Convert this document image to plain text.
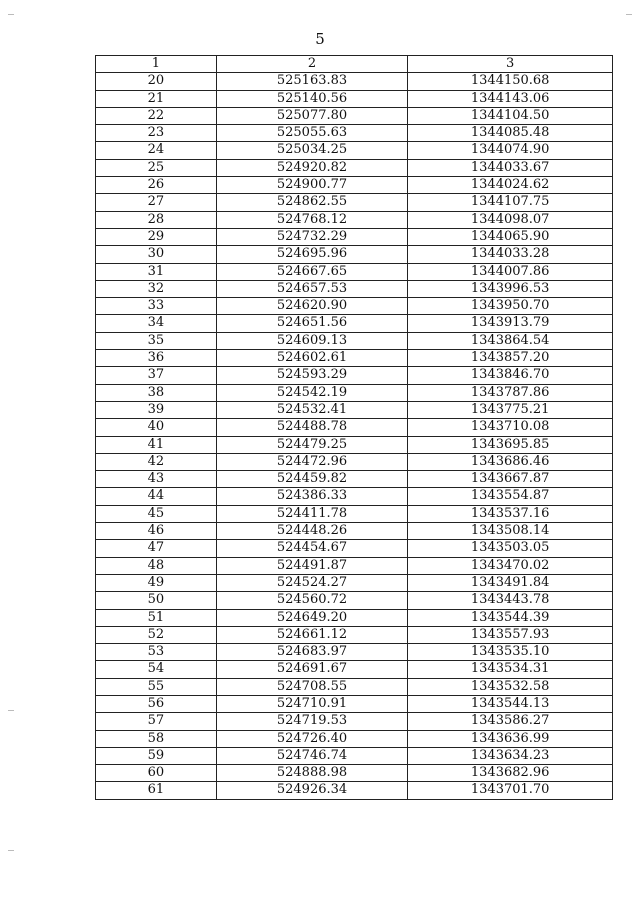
5
1	2	3
20	525163.83	1344150.68
21	525140.56	1344143.06
22	525077.80	1344104.50
23	525055.63	1344085.48
24	525034.25	1344074.90
25	524920.82	1344033.67
26	524900.77	1344024.62
27	524862.55	1344107.75
28	524768.12	1344098.07
29	524732.29	1344065.90
30	524695.96	1344033.28
31	524667.65	1344007.86
32	524657.53	1343996.53
33	524620.90	1343950.70
34	524651.56	1343913.79
35	524609.13	1343864.54
36	524602.61	1343857.20
37	524593.29	1343846.70
38	524542.19	1343787.86
39	524532.41	1343775.21
40	524488.78	1343710.08
41	524479.25	1343695.85
42	524472.96	1343686.46
43	524459.82	1343667.87
44	524386.33	1343554.87
45	524411.78	1343537.16
46	524448.26	1343508.14
47	524454.67	1343503.05
48	524491.87	1343470.02
49	524524.27	1343491.84
50	524560.72	1343443.78
51	524649.20	1343544.39
52	524661.12	1343557.93
53	524683.97	1343535.10
54	524691.67	1343534.31
55	524708.55	1343532.58
56	524710.91	1343544.13
57	524719.53	1343586.27
58	524726.40	1343636.99
59	524746.74	1343634.23
60	524888.98	1343682.96
61	524926.34	1343701.70
